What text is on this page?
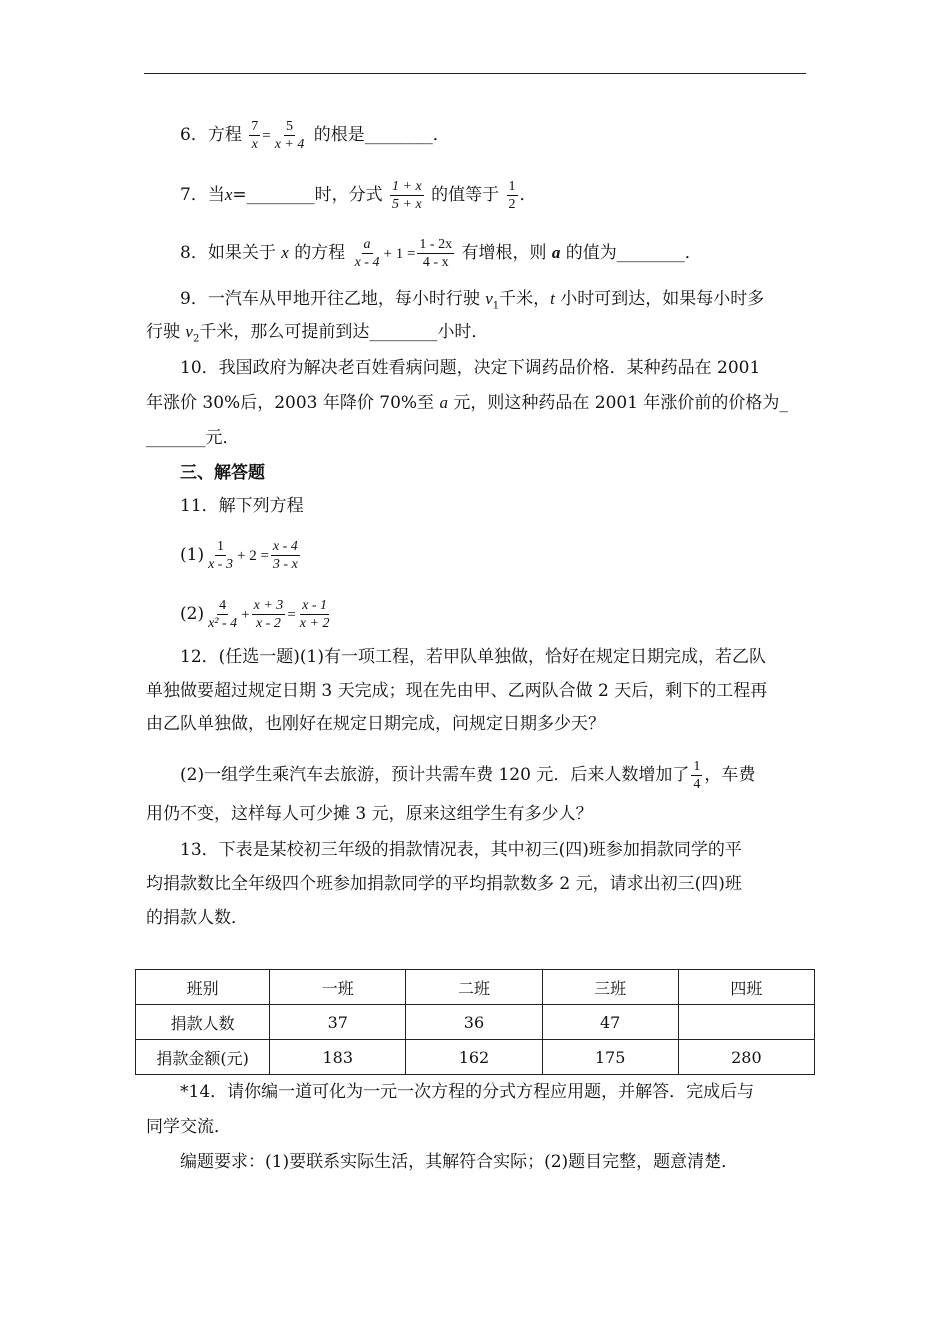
6．方程 $\frac{7}{x} = \frac{5}{x + 4}$ 的根是________．
7．当x=________时，分式 $\frac{1 + x}{5 + x}$ 的值等于 $\frac{1}{2}$ ．
8．如果关于 x 的方程 $\frac{a}{x - 4} + 1 = \frac{1 - 2x}{4 - x}$ 有增根，则 a 的值为________．
9．一汽车从甲地开往乙地，每小时行驶 $v_1$千米，t 小时可到达，如果每小时多
行驶 $v_2$千米，那么可提前到达________小时．
10．我国政府为解决老百姓看病问题，决定下调药品价格．某种药品在 2001
年涨价 30%后，2003 年降价 70%至 a 元，则这种药品在 2001 年涨价前的价格为_
_______元．
三、解答题
11．解下列方程
$(1) \frac{1}{x - 3} + 2 = \frac{x - 4}{3 - x}$
$(2) \frac{4}{\text{x² - 4}} + \frac{x + 3}{x - 2} = \frac{x - 1}{x + 2}$
12．(任选一题)(1)有一项工程，若甲队单独做，恰好在规定日期完成，若乙队
单独做要超过规定日期 3 天完成；现在先由甲、乙两队合做 2 天后，剩下的工程再
由乙队单独做，也刚好在规定日期完成，问规定日期多少天？
(2)一组学生乘汽车去旅游，预计共需车费 120 元．后来人数增加了 $\frac{1}{4}$ ，车费
用仍不变，这样每人可少摊 3 元，原来这组学生有多少人？
13．下表是某校初三年级的捐款情况表，其中初三(四)班参加捐款同学的平
均捐款数比全年级四个班参加捐款同学的平均捐款数多 2 元，请求出初三(四)班
的捐款人数．
班别	一班	二班	三班	四班
捐款人数	37	36	47	
捐款金额(元)	183	162	175	280
*14．请你编一道可化为一元一次方程的分式方程应用题，并解答．完成后与
同学交流．
编题要求：(1)要联系实际生活，其解符合实际；(2)题目完整，题意清楚．
